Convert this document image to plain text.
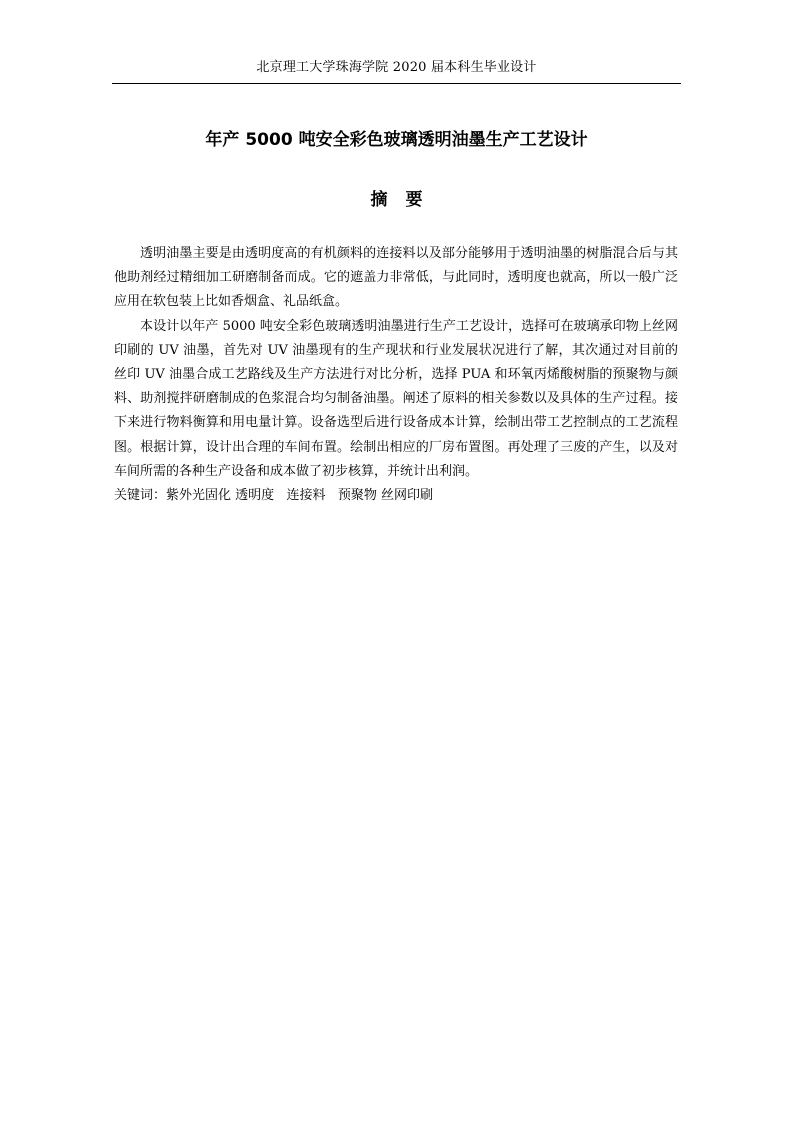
北京理工大学珠海学院 2020 届本科生毕业设计
年产 5000 吨安全彩色玻璃透明油墨生产工艺设计
摘要

透明油墨主要是由透明度高的有机颜料的连接料以及部分能够用于透明油墨的树脂混合后与其他助剂经过精细加工研磨制备而成。它的遮盖力非常低，与此同时，透明度也就高，所以一般广泛应用在软包装上比如香烟盒、礼品纸盒。

本设计以年产 5000 吨安全彩色玻璃透明油墨进行生产工艺设计，选择可在玻璃承印物上丝网印刷的 UV 油墨，首先对 UV 油墨现有的生产现状和行业发展状况进行了解，其次通过对目前的丝印 UV 油墨合成工艺路线及生产方法进行对比分析，选择 PUA 和环氧丙烯酸树脂的预聚物与颜料、助剂搅拌研磨制成的色浆混合均匀制备油墨。阐述了原料的相关参数以及具体的生产过程。接下来进行物料衡算和用电量计算。设备选型后进行设备成本计算，绘制出带工艺控制点的工艺流程图。根据计算，设计出合理的车间布置。绘制出相应的厂房布置图。再处理了三废的产生，以及对车间所需的各种生产设备和成本做了初步核算，并统计出利润。

关键词：紫外光固化 透明度   连接料   预聚物 丝网印刷
